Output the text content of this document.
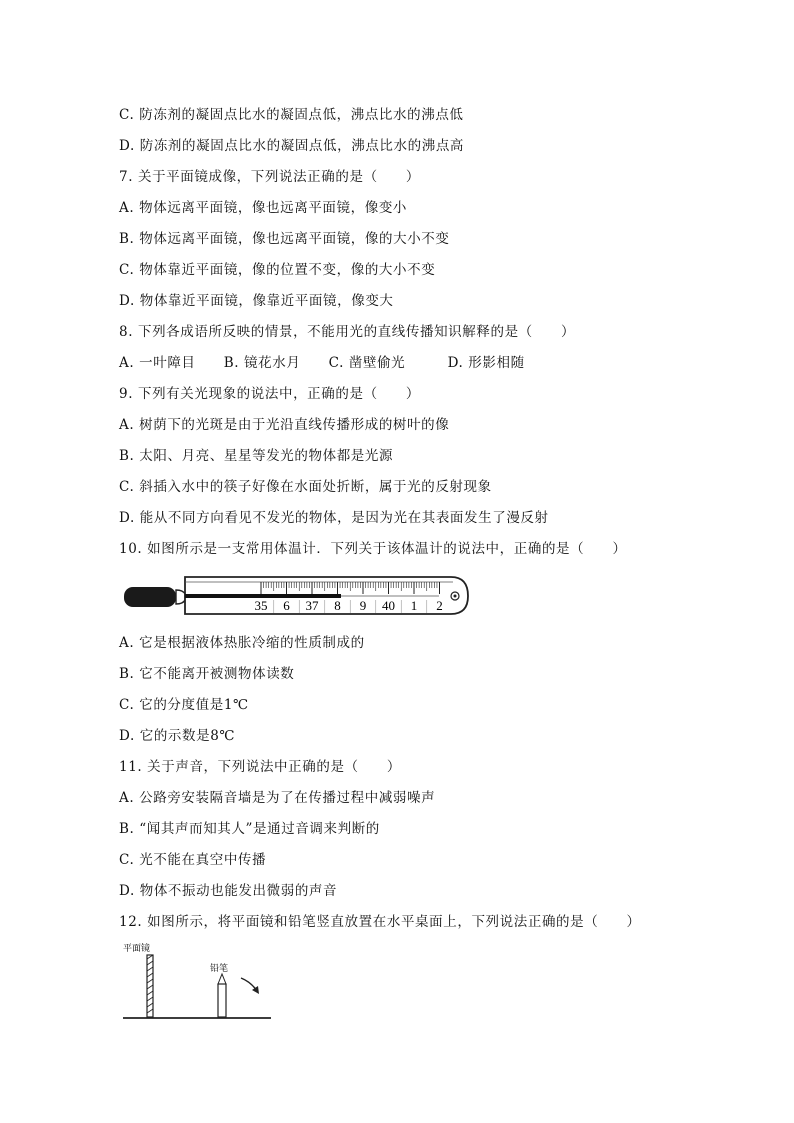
C. 防冻剂的凝固点比水的凝固点低，沸点比水的沸点低
D. 防冻剂的凝固点比水的凝固点低，沸点比水的沸点高
7. 关于平面镜成像，下列说法正确的是（　　）
A. 物体远离平面镜，像也远离平面镜，像变小
B. 物体远离平面镜，像也远离平面镜，像的大小不变
C. 物体靠近平面镜，像的位置不变，像的大小不变
D. 物体靠近平面镜，像靠近平面镜，像变大
8. 下列各成语所反映的情景，不能用光的直线传播知识解释的是（　　）
A. 一叶障目　　B. 镜花水月　　C. 凿壁偷光　　　D. 形影相随
9. 下列有关光现象的说法中，正确的是（　　）
A. 树荫下的光斑是由于光沿直线传播形成的树叶的像
B. 太阳、月亮、星星等发光的物体都是光源
C. 斜插入水中的筷子好像在水面处折断，属于光的反射现象
D. 能从不同方向看见不发光的物体，是因为光在其表面发生了漫反射
10. 如图所示是一支常用体温计．下列关于该体温计的说法中，正确的是（　　）
A. 它是根据液体热胀冷缩的性质制成的
B. 它不能离开被测物体读数
C. 它的分度值是1℃
D. 它的示数是8℃
11. 关于声音，下列说法中正确的是（　　）
A. 公路旁安装隔音墙是为了在传播过程中减弱噪声
B. “闻其声而知其人”是通过音调来判断的
C. 光不能在真空中传播
D. 物体不振动也能发出微弱的声音
12. 如图所示，将平面镜和铅笔竖直放置在水平桌面上，下列说法正确的是（　　）
35 6 37 8 9 40 1 2
平面镜
铅笔
